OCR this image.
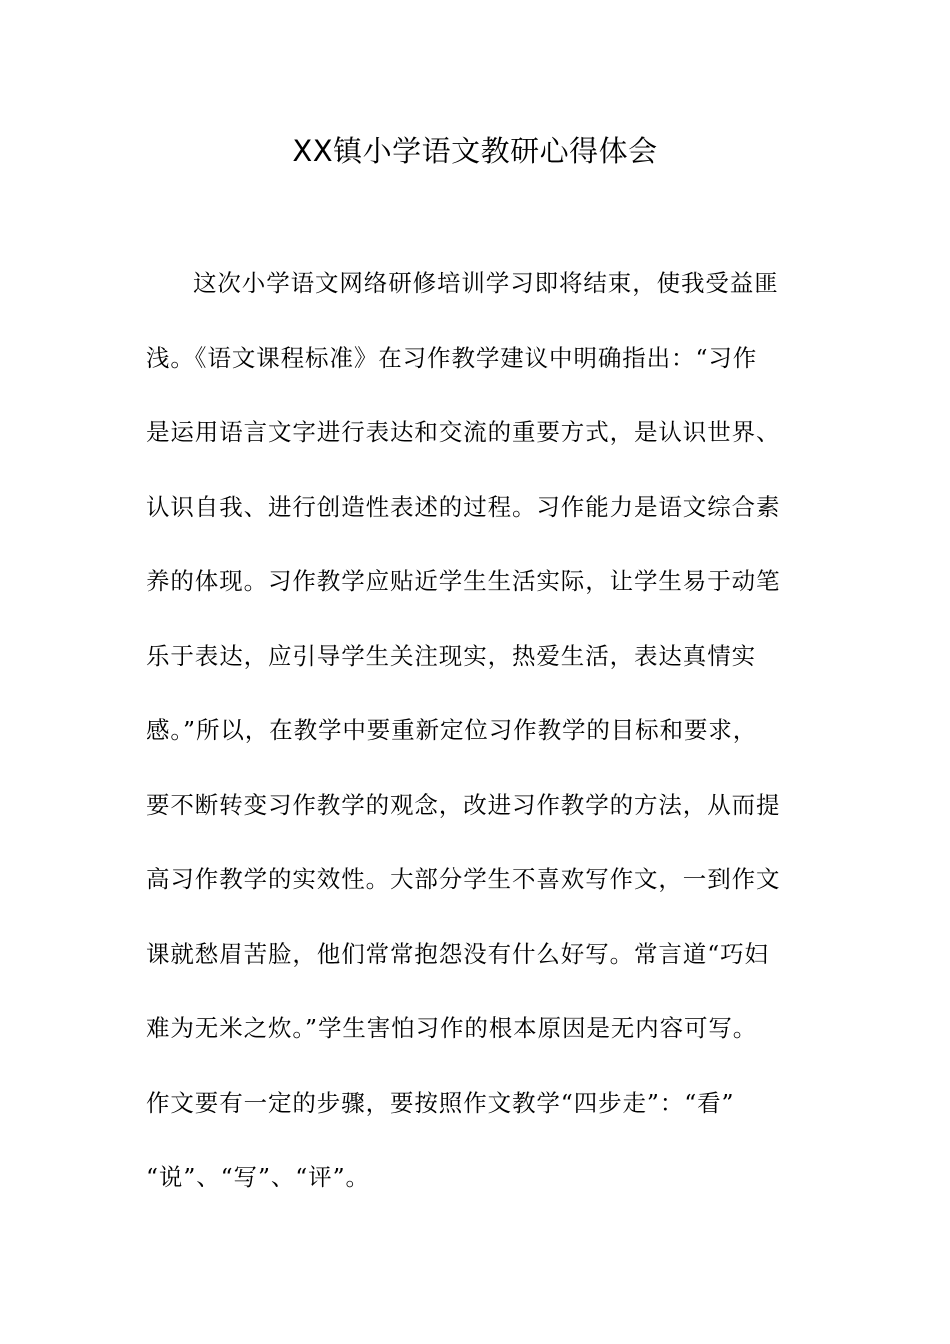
XX镇小学语文教研心得体会
这次小学语文网络研修培训学习即将结束，使我受益匪
浅。《语文课程标准》在习作教学建议中明确指出：“习作
是运用语言文字进行表达和交流的重要方式，是认识世界、
认识自我、进行创造性表述的过程。习作能力是语文综合素
养的体现。习作教学应贴近学生生活实际，让学生易于动笔
乐于表达，应引导学生关注现实，热爱生活，表达真情实
感。”所以，在教学中要重新定位习作教学的目标和要求，
要不断转变习作教学的观念，改进习作教学的方法，从而提
高习作教学的实效性。大部分学生不喜欢写作文，一到作文
课就愁眉苦脸，他们常常抱怨没有什么好写。常言道“巧妇
难为无米之炊。”学生害怕习作的根本原因是无内容可写。
作文要有一定的步骤，要按照作文教学“四步走”：“看”
“说”、“写”、“评”。
